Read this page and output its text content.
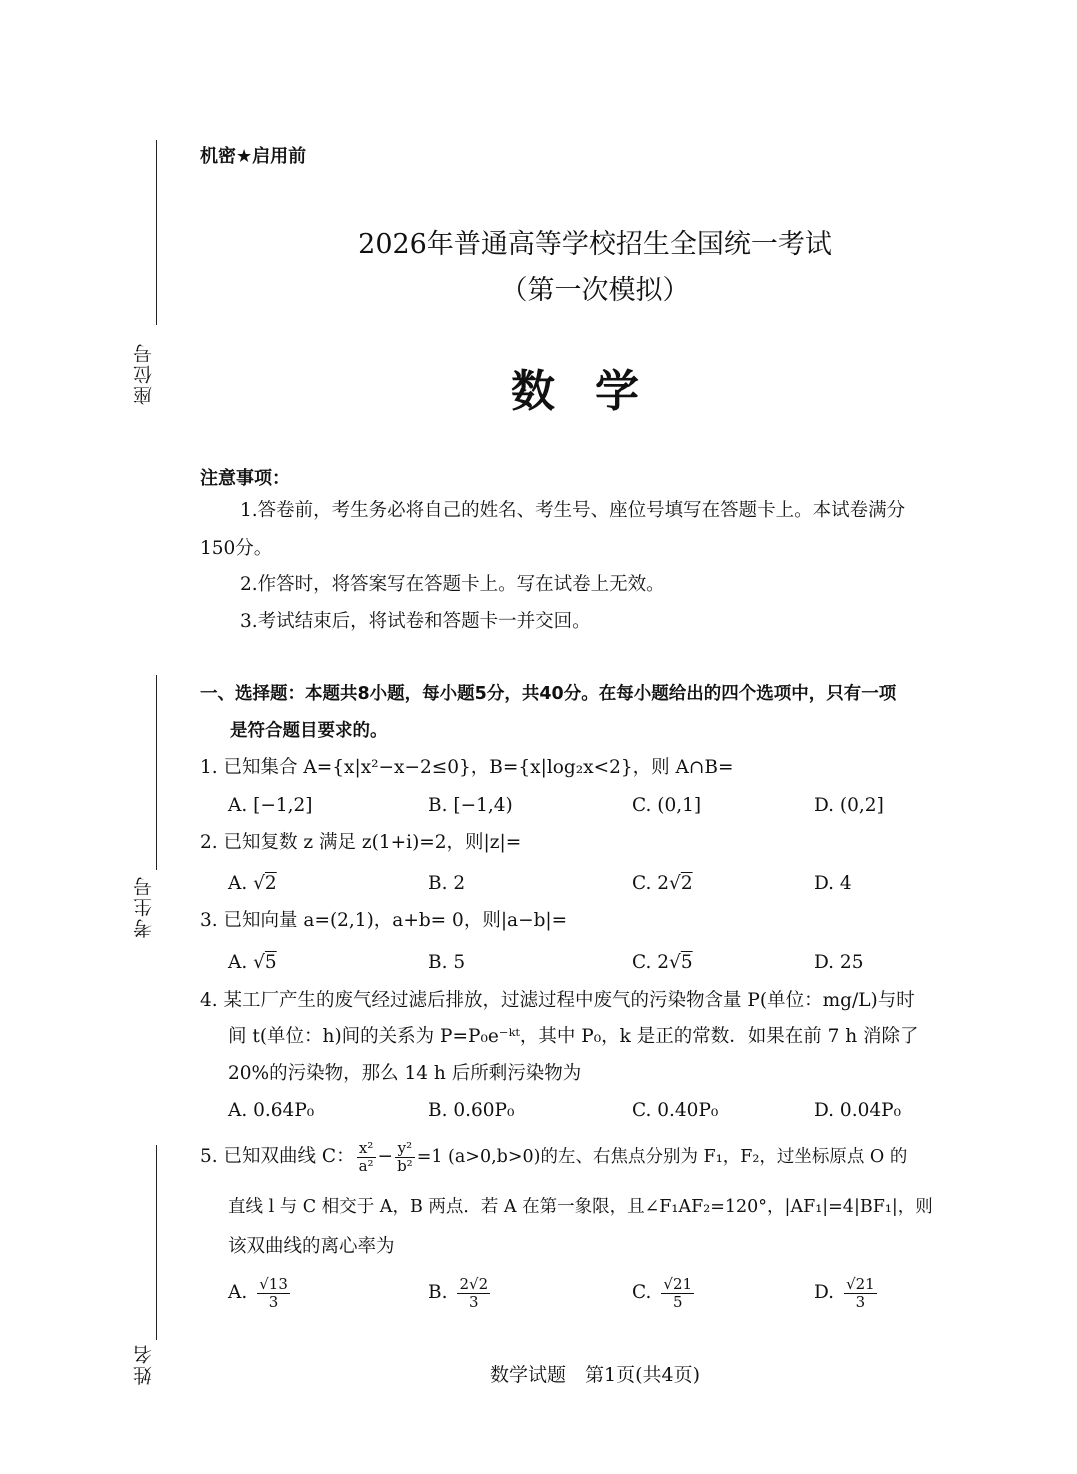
座位号
考生号
姓名
机密★启用前
2026年普通高等学校招生全国统一考试
（第一次模拟）
数学
注意事项：
1.答卷前，考生务必将自己的姓名、考生号、座位号填写在答题卡上。本试卷满分
150分。
2.作答时，将答案写在答题卡上。写在试卷上无效。
3.考试结束后，将试卷和答题卡一并交回。
一、选择题：本题共8小题，每小题5分，共40分。在每小题给出的四个选项中，只有一项
是符合题目要求的。
1. 已知集合 A={x|x²−x−2≤0}，B={x|log₂x<2}，则 A∩B=
A. [−1,2]	B. [−1,4)	C. (0,1]	D. (0,2]
2. 已知复数 z 满足 z(1+i)=2，则|z|=
A. √2	B. 2	C. 2√2	D. 4
3. 已知向量 a=(2,1)，a+b= 0，则|a−b|=
A. √5	B. 5	C. 2√5	D. 25
4. 某工厂产生的废气经过滤后排放，过滤过程中废气的污染物含量 P(单位：mg/L)与时
间 t(单位：h)间的关系为 P=P₀e⁻ᵏᵗ，其中 P₀，k 是正的常数．如果在前 7 h 消除了
20%的污染物，那么 14 h 后所剩污染物为
A. 0.64P₀	B. 0.60P₀	C. 0.40P₀	D. 0.04P₀
5. 已知双曲线 C： $\frac{\text{x²}}{\text{a²}} - \frac{\text{y²}}{\text{b²}} =1$ (a>0,b>0)的左、右焦点分别为 F₁，F₂，过坐标原点 O 的
直线 l 与 C 相交于 A，B 两点．若 A 在第一象限，且∠F₁AF₂=120°，|AF₁|=4|BF₁|，则
该双曲线的离心率为
A. $\frac{√13}{3}$	B. $\frac{2√2}{3}$	C. $\frac{√21}{5}$	D. $\frac{√21}{3}$
数学试题　第1页(共4页)
